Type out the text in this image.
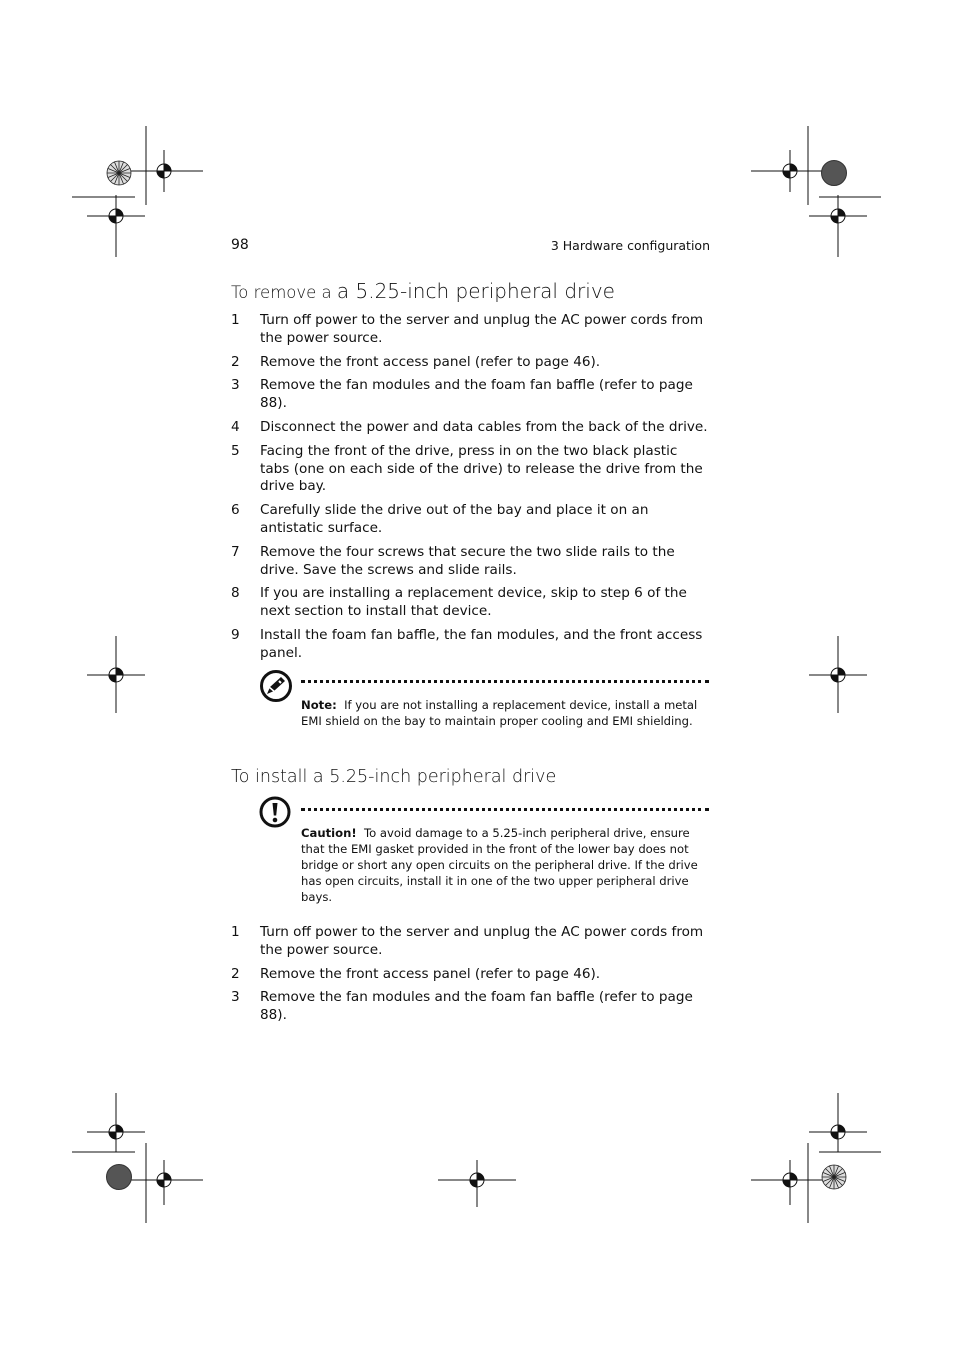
98	3 Hardware configuration
To remove a a 5.25-inch peripheral drive
1 Turn off power to the server and unplug the AC power cords from the power source.
2 Remove the front access panel (refer to page 46).
3 Remove the fan modules and the foam fan baffle (refer to page 88).
4 Disconnect the power and data cables from the back of the drive.
5 Facing the front of the drive, press in on the two black plastic tabs (one on each side of the drive) to release the drive from the drive bay.
6 Carefully slide the drive out of the bay and place it on an antistatic surface.
7 Remove the four screws that secure the two slide rails to the drive. Save the screws and slide rails.
8 If you are installing a replacement device, skip to step 6 of the next section to install that device.
9 Install the foam fan baffle, the fan modules, and the front access panel.
Note: If you are not installing a replacement device, install a metal EMI shield on the bay to maintain proper cooling and EMI shielding.
To install a 5.25-inch peripheral drive
Caution! To avoid damage to a 5.25-inch peripheral drive, ensure that the EMI gasket provided in the front of the lower bay does not bridge or short any open circuits on the peripheral drive. If the drive has open circuits, install it in one of the two upper peripheral drive bays.
1 Turn off power to the server and unplug the AC power cords from the power source.
2 Remove the front access panel (refer to page 46).
3 Remove the fan modules and the foam fan baffle (refer to page 88).
